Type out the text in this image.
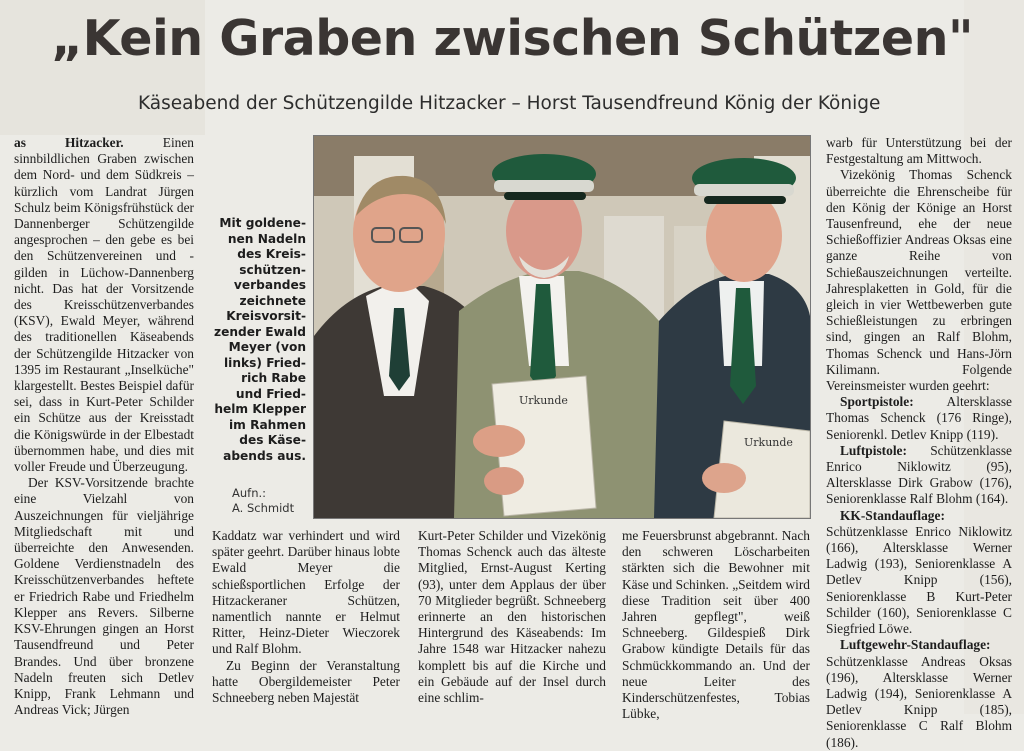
„Kein Graben zwischen Schützen"
Käseabend der Schützengilde Hitzacker – Horst Tausendfreund König der Könige

as Hitzacker.	Einen sinnbildlichen Graben zwischen dem Nord- und dem Südkreis – kürzlich vom Landrat Jürgen Schulz beim Königsfrühstück der Dannenberger Schützengilde angesprochen – den gebe es bei den Schützenvereinen und -gilden in Lüchow-Dannenberg nicht. Das hat der Vorsitzende des Kreisschützenverbandes (KSV), Ewald Meyer, während des traditionellen Käseabends der Schützengilde Hitzacker von 1395 im Restaurant „Inselküche" klargestellt. Bestes Beispiel dafür sei, dass in Kurt-Peter Schilder ein Schütze aus der Kreisstadt die Königswürde in der Elbestadt übernommen habe, und dies mit voller Freude und Überzeugung.

Der KSV-Vorsitzende brachte eine Vielzahl von Auszeichnungen für vieljährige Mitgliedschaft mit und überreichte den Anwesenden. Goldene Verdienstnadeln des Kreisschützenverbandes heftete er Friedrich Rabe und Friedhelm Klepper ans Revers. Silberne KSV-Ehrungen gingen an Horst Tausendfreund und Peter Brandes. Und über bronzene Nadeln freuten sich Detlev Knipp, Frank Lehmann und Andreas Vick; Jürgen

Mit goldene-nen Nadeln des Kreis-schützen-verbandes zeichnete Kreisvorsit-zender Ewald Meyer (von links) Fried-rich Rabe und Fried-helm Klepper im Rahmen des Käse-abends aus.
Aufn.:
A. Schmidt
Urkunde
Urkunde

Kaddatz war verhindert und wird später geehrt. Darüber hinaus lobte Ewald Meyer die schießsportlichen Erfolge der Hitzackeraner Schützen, namentlich nannte er Helmut Ritter, Heinz-Dieter Wieczorek und Ralf Blohm.

Zu Beginn der Veranstaltung hatte Obergildemeister Peter Schneeberg neben Majestät

Kurt-Peter Schilder und Vizekönig Thomas Schenck auch das älteste Mitglied, Ernst-August Kerting (93), unter dem Applaus der über 70 Mitglieder begrüßt. Schneeberg erinnerte an den historischen Hintergrund des Käseabends: Im Jahre 1548 war Hitzacker nahezu komplett bis auf die Kirche und ein Gebäude auf der Insel durch eine schlim-

me Feuersbrunst abgebrannt. Nach den schweren Löscharbeiten stärkten sich die Bewohner mit Käse und Schinken. „Seitdem wird diese Tradition seit über 400 Jahren gepflegt", weiß Schneeberg. Gildespieß Dirk Grabow kündigte Details für das Schmückkommando an. Und der neue Leiter des Kinderschützenfestes, Tobias Lübke,

warb für Unterstützung bei der Festgestaltung am Mittwoch.

Vizekönig Thomas Schenck überreichte die Ehrenscheibe für den König der Könige an Horst Tausenfreund, ehe der neue Schießoffizier Andreas Oksas eine ganze Reihe von Schießauszeichnungen verteilte. Jahresplaketten in Gold, für die gleich in vier Wettbewerben gute Schießleistungen zu erbringen sind, gingen an Ralf Blohm, Thomas Schenck und Hans-Jörn Kilimann. Folgende Vereinsmeister wurden geehrt:

Sportpistole: Altersklasse Thomas Schenck (176 Ringe), Seniorenkl. Detlev Knipp (119).

Luftpistole: Schützenklasse Enrico Niklowitz (95), Altersklasse Dirk Grabow (176), Seniorenklasse Ralf Blohm (164).

KK-Standauflage: Schützenklasse Enrico Niklowitz (166), Altersklasse Werner Ladwig (193), Seniorenklasse A Detlev Knipp (156), Seniorenklasse B Kurt-Peter Schilder (160), Seniorenklasse C Siegfried Löwe.

Luftgewehr-Standauflage: Schützenklasse Andreas Oksas (196), Altersklasse Werner Ladwig (194), Seniorenklasse A Detlev Knipp (185), Seniorenklasse C Ralf Blohm (186).
